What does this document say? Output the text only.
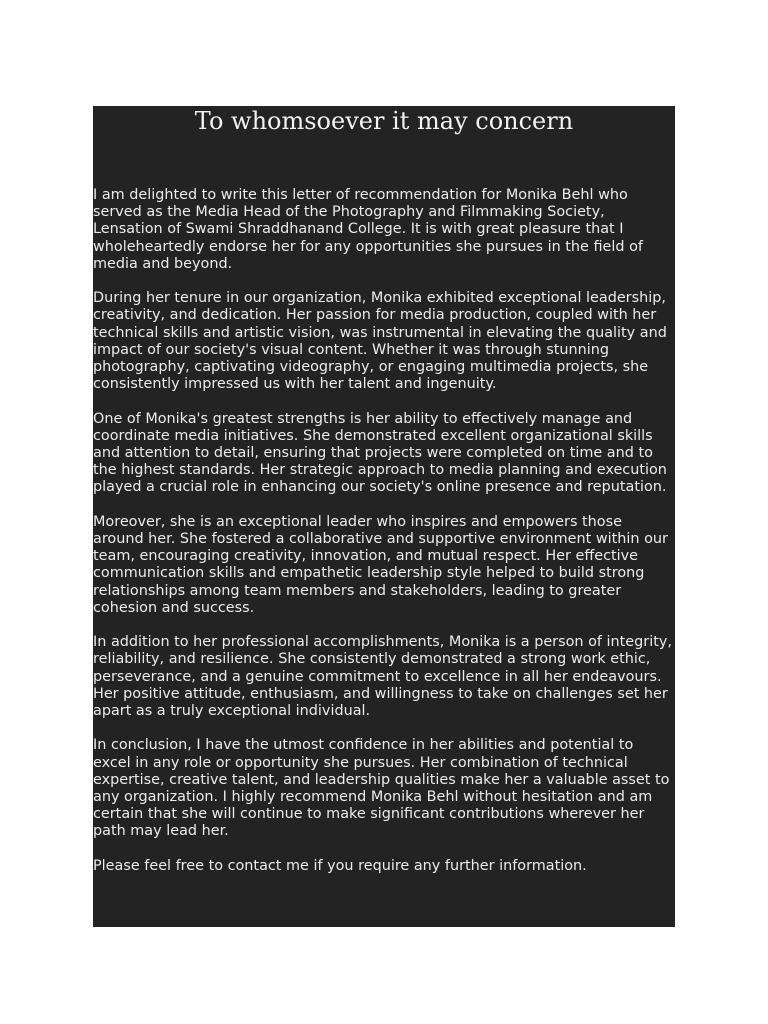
To whomsoever it may concern

I am delighted to write this letter of recommendation for Monika Behl who served as the Media Head of the Photography and Filmmaking Society, Lensation of Swami Shraddhanand College. It is with great pleasure that I wholeheartedly endorse her for any opportunities she pursues in the field of media and beyond.

During her tenure in our organization, Monika exhibited exceptional leadership, creativity, and dedication. Her passion for media production, coupled with her technical skills and artistic vision, was instrumental in elevating the quality and impact of our society's visual content. Whether it was through stunning photography, captivating videography, or engaging multimedia projects, she consistently impressed us with her talent and ingenuity.

One of Monika's greatest strengths is her ability to effectively manage and coordinate media initiatives. She demonstrated excellent organizational skills and attention to detail, ensuring that projects were completed on time and to the highest standards. Her strategic approach to media planning and execution played a crucial role in enhancing our society's online presence and reputation.

Moreover, she is an exceptional leader who inspires and empowers those around her. She fostered a collaborative and supportive environment within our team, encouraging creativity, innovation, and mutual respect. Her effective communication skills and empathetic leadership style helped to build strong relationships among team members and stakeholders, leading to greater cohesion and success.

In addition to her professional accomplishments, Monika is a person of integrity, reliability, and resilience. She consistently demonstrated a strong work ethic, perseverance, and a genuine commitment to excellence in all her endeavours. Her positive attitude, enthusiasm, and willingness to take on challenges set her apart as a truly exceptional individual.

In conclusion, I have the utmost confidence in her abilities and potential to excel in any role or opportunity she pursues. Her combination of technical expertise, creative talent, and leadership qualities make her a valuable asset to any organization. I highly recommend Monika Behl without hesitation and am certain that she will continue to make significant contributions wherever her path may lead her.

Please feel free to contact me if you require any further information.
